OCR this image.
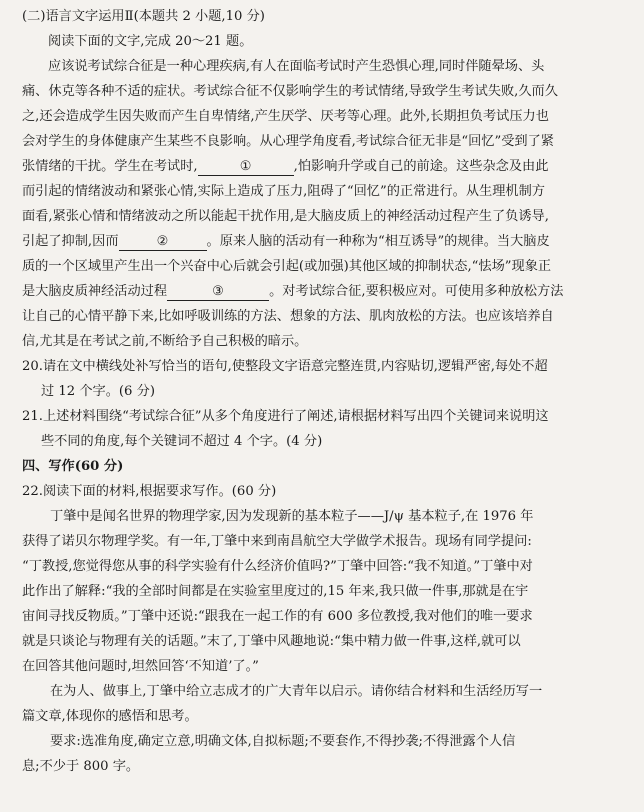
(二)语言文字运用Ⅱ(本题共 2 小题,10 分)
阅读下面的文字,完成 20～21 题。
应该说考试综合征是一种心理疾病,有人在面临考试时产生恐惧心理,同时伴随晕场、头
痛、休克等各种不适的症状。考试综合征不仅影响学生的考试情绪,导致学生考试失败,久而久
之,还会造成学生因失败而产生自卑情绪,产生厌学、厌考等心理。此外,长期担负考试压力也
会对学生的身体健康产生某些不良影响。从心理学角度看,考试综合征无非是“回忆”受到了紧
张情绪的干扰。学生在考试时,	①	,怕影响升学或自己的前途。这些杂念及由此
而引起的情绪波动和紧张心情,实际上造成了压力,阻碍了“回忆”的正常进行。从生理机制方
面看,紧张心情和情绪波动之所以能起干扰作用,是大脑皮质上的神经活动过程产生了负诱导,
引起了抑制,因而	②	。原来人脑的活动有一种称为“相互诱导”的规律。当大脑皮
质的一个区域里产生出一个兴奋中心后就会引起(或加强)其他区域的抑制状态,“怯场”现象正
是大脑皮质神经活动过程	③	。对考试综合征,要积极应对。可使用多种放松方法
让自己的心情平静下来,比如呼吸训练的方法、想象的方法、肌肉放松的方法。也应该培养自
信,尤其是在考试之前,不断给予自己积极的暗示。
20.请在文中横线处补写恰当的语句,使整段文字语意完整连贯,内容贴切,逻辑严密,每处不超
过 12 个字。(6 分)
21.上述材料围绕“考试综合征”从多个角度进行了阐述,请根据材料写出四个关键词来说明这
些不同的角度,每个关键词不超过 4 个字。(4 分)
四、写作(60 分)
22.阅读下面的材料,根据要求写作。(60 分)
丁肇中是闻名世界的物理学家,因为发现新的基本粒子——J/ψ 基本粒子,在 1976 年
获得了诺贝尔物理学奖。有一年,丁肇中来到南昌航空大学做学术报告。现场有同学提问:
“丁教授,您觉得您从事的科学实验有什么经济价值吗?”丁肇中回答:“我不知道。”丁肇中对
此作出了解释:“我的全部时间都是在实验室里度过的,15 年来,我只做一件事,那就是在宇
宙间寻找反物质。”丁肇中还说:“跟我在一起工作的有 600 多位教授,我对他们的唯一要求
就是只谈论与物理有关的话题。”末了,丁肇中风趣地说:“集中精力做一件事,这样,就可以
在回答其他问题时,坦然回答‘不知道’了。”
在为人、做事上,丁肇中给立志成才的广大青年以启示。请你结合材料和生活经历写一
篇文章,体现你的感悟和思考。
要求:选准角度,确定立意,明确文体,自拟标题;不要套作,不得抄袭;不得泄露个人信
息;不少于 800 字。
